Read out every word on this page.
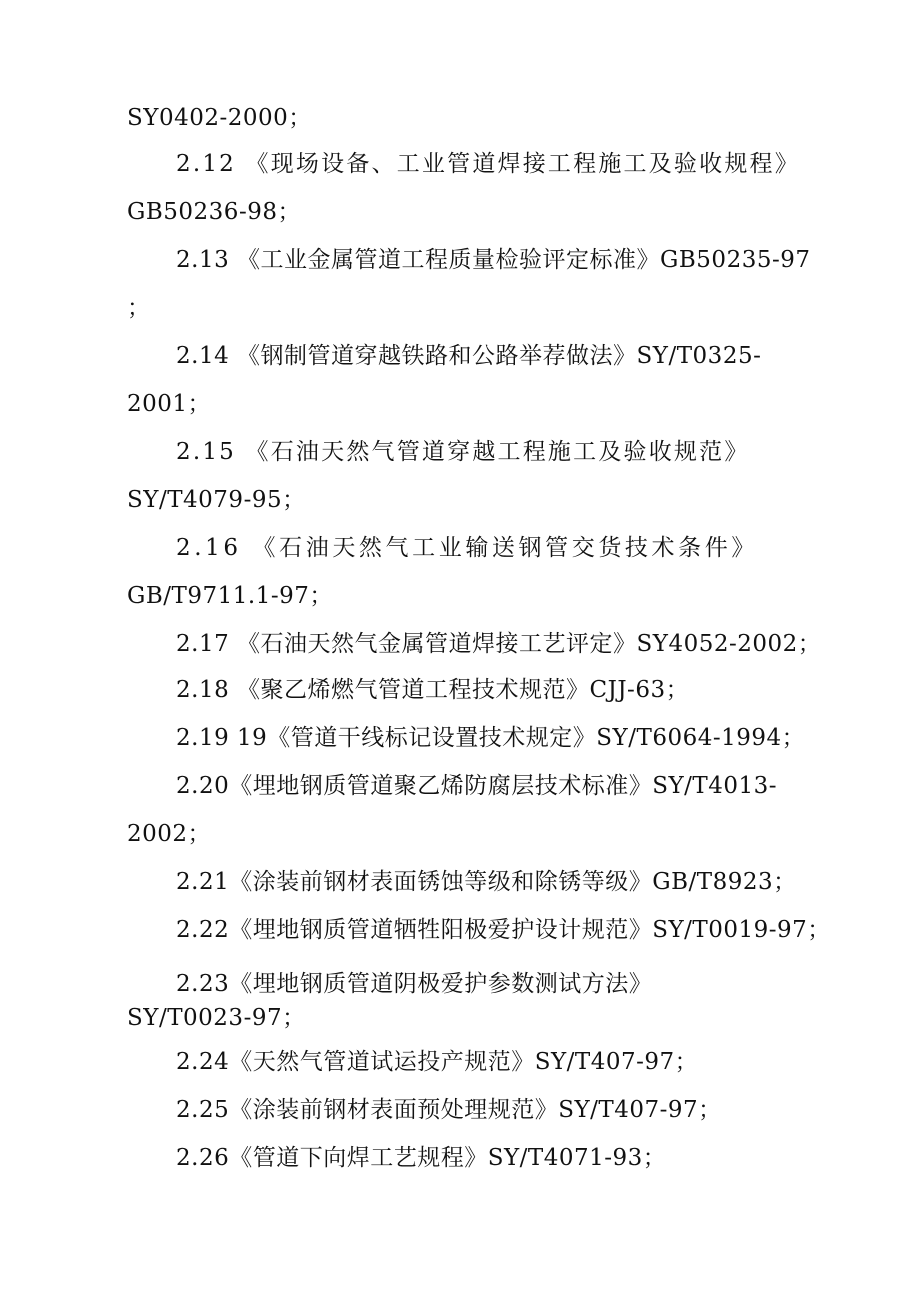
SY0402-2000；
2.12 《现场设备、工业管道焊接工程施工及验收规程》
GB50236-98；
2.13 《工业金属管道工程质量检验评定标准》GB50235-97
；
2.14 《钢制管道穿越铁路和公路举荐做法》SY/T0325-
2001；
2.15 《石油天然气管道穿越工程施工及验收规范》
SY/T4079-95；
2.16 《石油天然气工业输送钢管交货技术条件》
GB/T9711.1-97；
2.17 《石油天然气金属管道焊接工艺评定》SY4052-2002；
2.18 《聚乙烯燃气管道工程技术规范》CJJ-63；
2.19 19《管道干线标记设置技术规定》SY/T6064-1994；
2.20《埋地钢质管道聚乙烯防腐层技术标准》SY/T4013-
2002；
2.21《涂装前钢材表面锈蚀等级和除锈等级》GB/T8923；
2.22《埋地钢质管道牺牲阳极爱护设计规范》SY/T0019-97；
2.23《埋地钢质管道阴极爱护参数测试方法》
SY/T0023-97；
2.24《天然气管道试运投产规范》SY/T407-97；
2.25《涂装前钢材表面预处理规范》SY/T407-97；
2.26《管道下向焊工艺规程》SY/T4071-93；
